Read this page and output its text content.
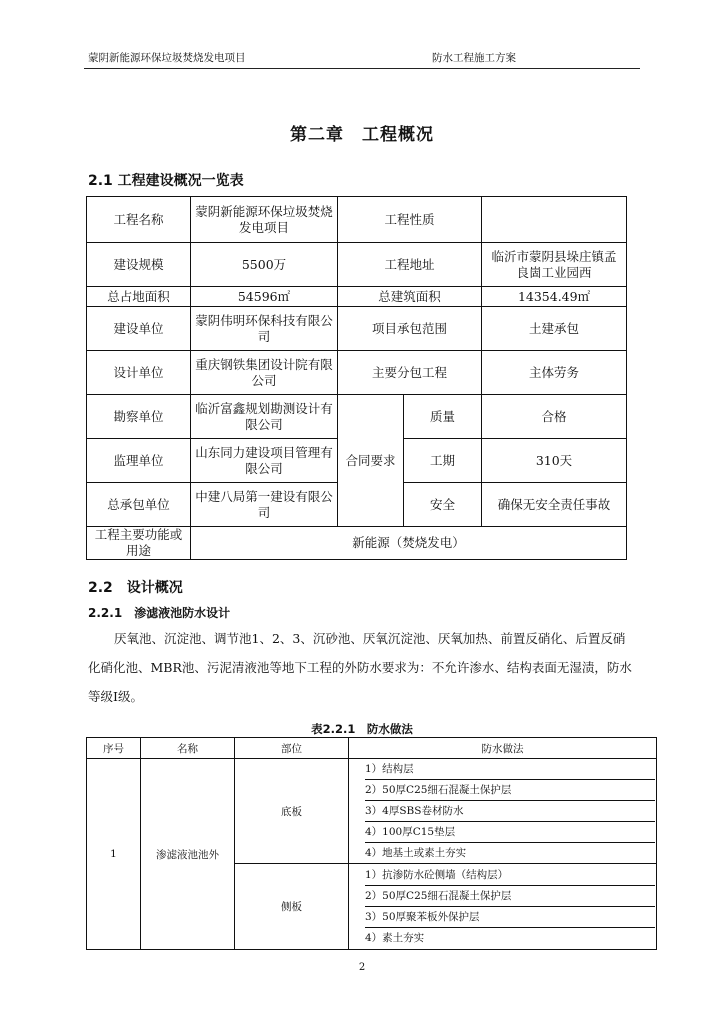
蒙阴新能源环保垃圾焚烧发电项目	防水工程施工方案
第二章　工程概况
2.1 工程建设概况一览表
工程名称	蒙阴新能源环保垃圾焚烧发电项目	工程性质		
建设规模	5500万	工程地址		临沂市蒙阴县垛庄镇孟良崮工业园西
总占地面积	54596㎡	总建筑面积		14354.49㎡
建设单位	蒙阴伟明环保科技有限公司	项目承包范围		土建承包
设计单位	重庆钢铁集团设计院有限公司	主要分包工程		主体劳务
勘察单位	临沂富鑫规划勘测设计有限公司	合同要求	质量	合格
监理单位	山东同力建设项目管理有限公司		工期	310天
总承包单位	中建八局第一建设有限公司		安全	确保无安全责任事故
工程主要功能或用途	新能源（焚烧发电）			
2.2　设计概况
2.2.1　渗滤液池防水设计
厌氧池、沉淀池、调节池1、2、3、沉砂池、厌氧沉淀池、厌氧加热、前置反硝化、后置反硝化硝化池、MBR池、污泥清液池等地下工程的外防水要求为：不允许渗水、结构表面无湿渍，防水等级Ⅰ级。
表2.2.1　防水做法
序号	名称	部位	防水做法
1	渗滤液池池外	底板	1）结构层
2）50厚C25细石混凝土保护层
3）4厚SBS卷材防水
4）100厚C15垫层
4）地基土或素土夯实

		侧板	1）抗渗防水砼侧墙（结构层）
2）50厚C25细石混凝土保护层
3）50厚聚苯板外保护层
4）素土夯实
2
